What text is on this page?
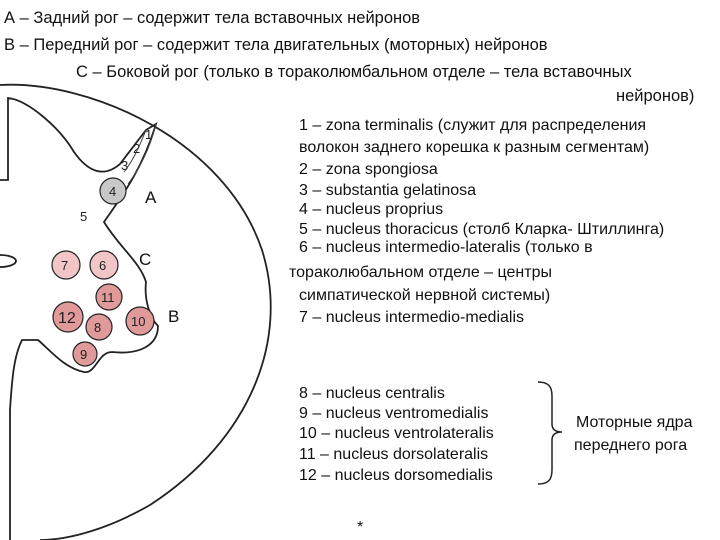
А – Задний рог – содержит тела вставочных нейронов
В – Передний рог – содержит тела двигательных (моторных) нейронов
С – Боковой рог (только в тораколюмбальном отделе – тела вставочных
нейронов)
1
2
3
4
5
6
7
8
9
10
11
12
A
C
B
1 – zona terminalis (служит для распределения
волокон заднего корешка к разным сегментам)
2 – zona spongiosa
3 – substantia gelatinosa
4 – nucleus proprius
5 – nucleus thoracicus (столб Кларка- Штиллинга)
6 – nucleus intermedio-lateralis (только в
тораколюбальном отделе – центры
симпатической нервной системы)
7 – nucleus intermedio-medialis
8 – nucleus centralis
9 – nucleus ventromedialis
10 – nucleus ventrolateralis
11 – nucleus dorsolateralis
12 – nucleus dorsomedialis
Моторные ядра
переднего рога
*
